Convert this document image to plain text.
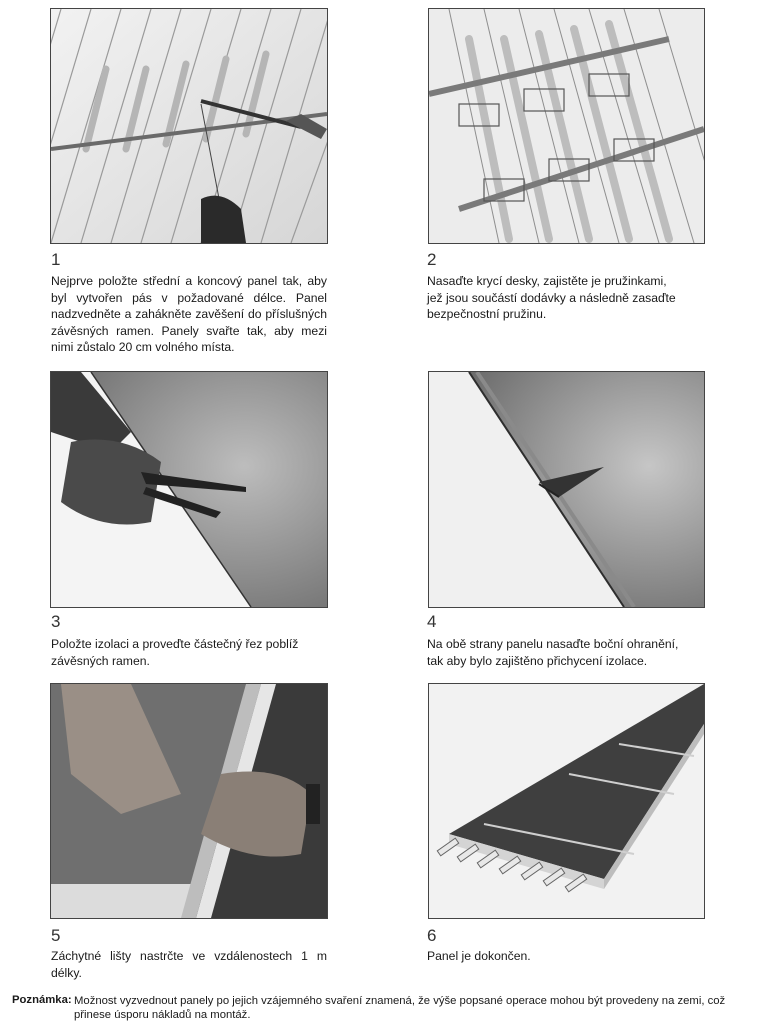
1	2
3	4
5	6
Nejprve položte střední a koncový panel tak, aby byl vytvořen pás v požadované délce. Panel nadzvedněte a zahákněte zavěšení do příslušných závěsných ramen. Panely svařte tak, aby mezi nimi zůstalo 20 cm volného místa.
Nasaďte krycí desky, zajistěte je pružinkami,
jež jsou součástí dodávky a následně zasaďte
bezpečnostní pružinu.
Položte izolaci a proveďte částečný řez poblíž
závěsných ramen.
Na obě strany panelu nasaďte boční ohranění,
tak aby bylo zajištěno přichycení izolace.
Záchytné lišty nastrčte ve vzdálenostech 1 m délky.
Panel je dokončen.
Poznámka: Možnost vyzvednout panely po jejich vzájemného svaření znamená, že výše popsané operace mohou být provedeny na zemi, což přinese úsporu nákladů na montáž.
